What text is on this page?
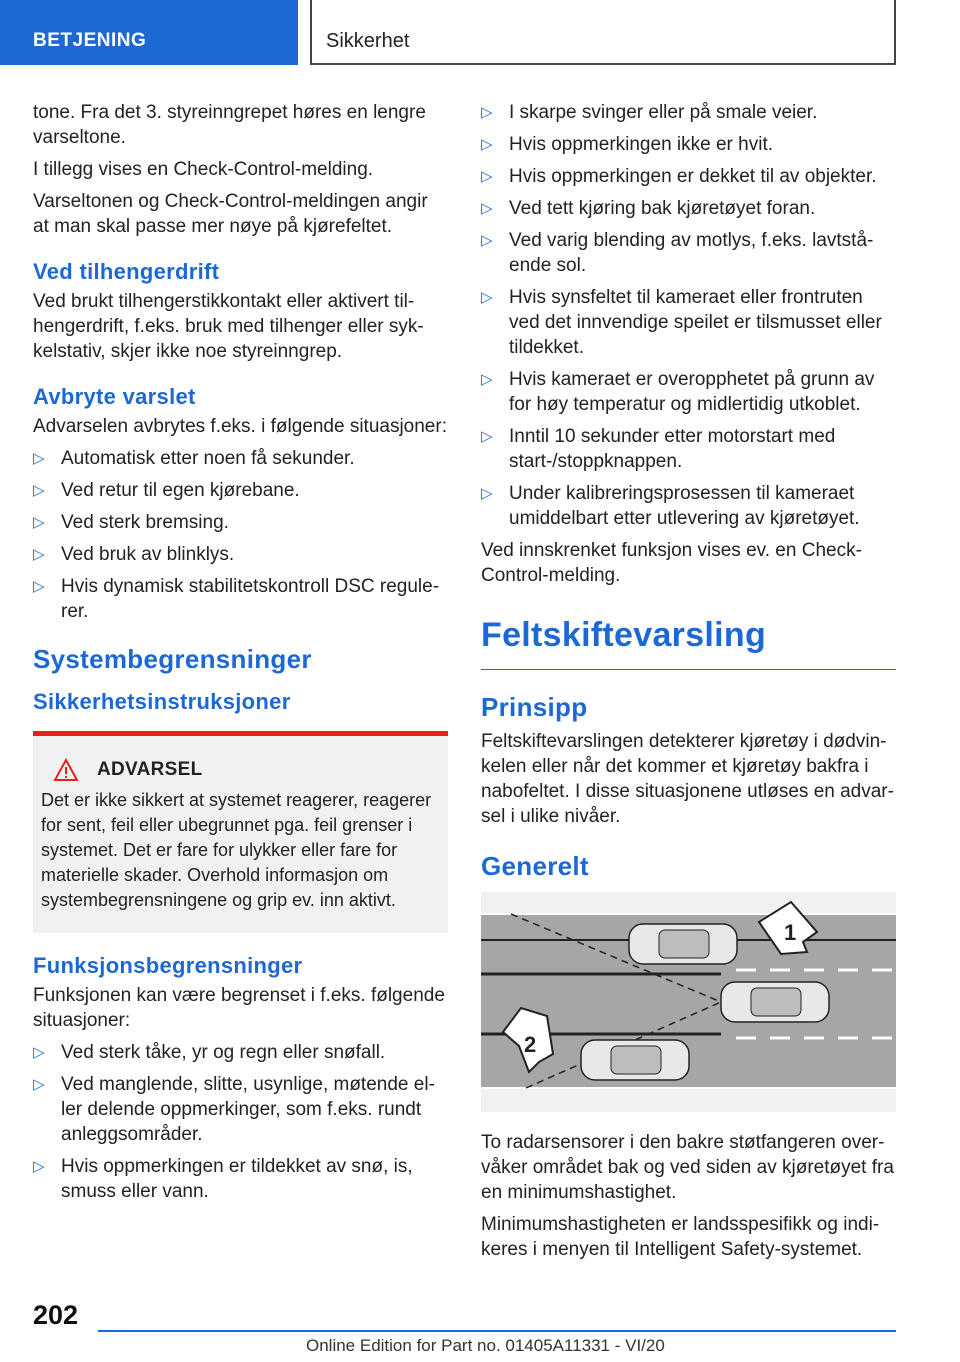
BETJENING	Sikkerhet

tone. Fra det 3. styreinngrepet høres en lengre varseltone.

I tillegg vises en Check-Control-melding.

Varseltonen og Check-Control-meldingen angir at man skal passe mer nøye på kjørefeltet.

Ved tilhengerdrift

Ved brukt tilhengerstikkontakt eller aktivert tilhengerdrift, f.eks. bruk med tilhenger eller sykkelstativ, skjer ikke noe styreinngrep.

Avbryte varslet

Advarselen avbrytes f.eks. i følgende situasjoner:

▷ Automatisk etter noen få sekunder.
▷ Ved retur til egen kjørebane.
▷ Ved sterk bremsing.
▷ Ved bruk av blinklys.
▷ Hvis dynamisk stabilitetskontroll DSC regulerer.
Systembegrensninger
Sikkerhetsinstruksjoner
ADVARSEL

Det er ikke sikkert at systemet reagerer, reagerer for sent, feil eller ubegrunnet pga. feil grenser i systemet. Det er fare for ulykker eller fare for materielle skader. Overhold informasjon om systembegrensningene og grip ev. inn aktivt.

Funksjonsbegrensninger

Funksjonen kan være begrenset i f.eks. følgende situasjoner:

▷ Ved sterk tåke, yr og regn eller snøfall.
▷ Ved manglende, slitte, usynlige, møtende eller delende oppmerkinger, som f.eks. rundt anleggsområder.
▷ Hvis oppmerkingen er tildekket av snø, is, smuss eller vann.
▷ I skarpe svinger eller på smale veier.
▷ Hvis oppmerkingen ikke er hvit.
▷ Hvis oppmerkingen er dekket til av objekter.
▷ Ved tett kjøring bak kjøretøyet foran.
▷ Ved varig blending av motlys, f.eks. lavtstående sol.
▷ Hvis synsfeltet til kameraet eller frontruten ved det innvendige speilet er tilsmusset eller tildekket.
▷ Hvis kameraet er overopphetet på grunn av for høy temperatur og midlertidig utkoblet.
▷ Inntil 10 sekunder etter motorstart med start-/stoppknappen.
▷ Under kalibreringsprosessen til kameraet umiddelbart etter utlevering av kjøretøyet.

Ved innskrenket funksjon vises ev. en Check-Control-melding.

Feltskiftevarsling
Prinsipp

Feltskiftevarslingen detekterer kjøretøy i dødvinkelen eller når det kommer et kjøretøy bakfra i nabofeltet. I disse situasjonene utløses en advarsel i ulike nivåer.

Generelt
1
2

To radarsensorer i den bakre støtfangeren overvåker området bak og ved siden av kjøretøyet fra en minimumshastighet.

Minimumshastigheten er landsspesifikk og indikeres i menyen til Intelligent Safety-systemet.

202
Online Edition for Part no. 01405A11331 - VI/20
